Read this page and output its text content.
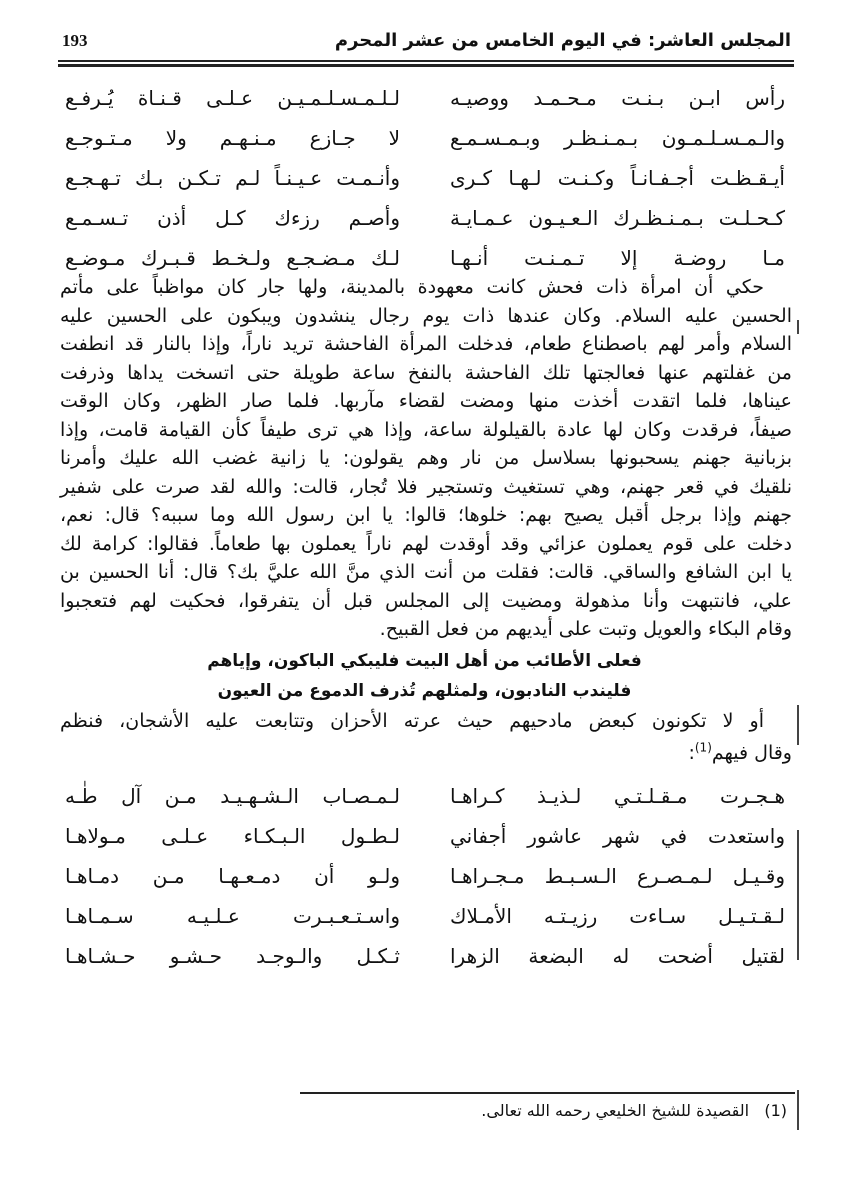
المجلس العاشر: في اليوم الخامس من عشر المحرم
193
رأس ابـن بـنـت مـحـمـد ووصيـه
لـلـمـسـلـمـيـن عـلـى قـنـاة يُـرفـع
والـمـسـلـمـون بـمـنـظـر وبـمـسـمـع
لا جـازع مـنـهـم ولا مـتـوجـع
أيـقـظـت أجـفـانـاً وكـنـت لـهـا كـرى
وأنـمـت عـيـنـاً لـم تـكـن بـك تـهـجـع
كـحـلـت بـمـنـظـرك الـعـيـون عـمـايـة
وأصـم رزءك كـل أذن تـسـمـع
مـا روضـة إلا تـمـنـت أنـهـا
لـك مـضـجـع ولـخـط قـبـرك مـوضـع
حكي أن امرأة ذات فحش كانت معهودة بالمدينة، ولها جار كان مواظباً على مأتم
الحسين عليه السلام. وكان عندها ذات يوم رجال ينشدون ويبكون على الحسين عليه
السلام وأمر لهم باصطناع طعام، فدخلت المرأة الفاحشة تريد ناراً، وإذا بالنار قد انطفت
من غفلتهم عنها فعالجتها تلك الفاحشة بالنفخ ساعة طويلة حتى اتسخت يداها وذرفت
عيناها، فلما اتقدت أخذت منها ومضت لقضاء مآربها. فلما صار الظهر، وكان الوقت
صيفاً، فرقدت وكان لها عادة بالقيلولة ساعة، وإذا هي ترى طيفاً كأن القيامة قامت، وإذا
بزبانية جهنم يسحبونها بسلاسل من نار وهم يقولون: يا زانية غضب الله عليك وأمرنا
نلقيك في قعر جهنم، وهي تستغيث وتستجير فلا تُجار، قالت: والله لقد صرت على شفير
جهنم وإذا برجل أقبل يصيح بهم: خلوها؛ قالوا: يا ابن رسول الله وما سببه؟ قال: نعم،
دخلت على قوم يعملون عزائي وقد أوقدت لهم ناراً يعملون بها طعاماً. فقالوا: كرامة لك
يا ابن الشافع والساقي. قالت: فقلت من أنت الذي منَّ الله عليَّ بك؟ قال: أنا الحسين بن
علي، فانتبهت وأنا مذهولة ومضيت إلى المجلس قبل أن يتفرقوا، فحكيت لهم فتعجبوا
وقام البكاء والعويل وتبت على أيديهم من فعل القبيح.
فعلى الأطائب من أهل البيت فليبكي الباكون، وإياهم
فليندب النادبون، ولمثلهم تُذرف الدموع من العيون
أو لا تكونون كبعض مادحيهم حيث عرته الأحزان وتتابعت عليه الأشجان، فنظم
وقال فيهم$^{(1)}$:
هـجـرت مـقـلـتـي لـذيـذ كـراهـا
لـمـصـاب الـشـهـيـد مـن آل طٰـه
واستعدت في شهر عاشور أجفاني
لـطـول الـبـكـاء عـلـى مـولاهـا
وقـيـل لـمـصـرع الـسـبـط مـجـراهـا
ولـو أن دمـعـهـا مـن دمـاهـا
لـقـتـيـل سـاءت رزيـتـه الأمـلاك
واسـتـعـبـرت عـلـيـه سـمـاهـا
لقتيل أضحت له البضعة الزهرا
ثـكـل والـوجـد حـشـو حـشـاهـا
(1)   القصيدة للشيخ الخليعي رحمه الله تعالى.
